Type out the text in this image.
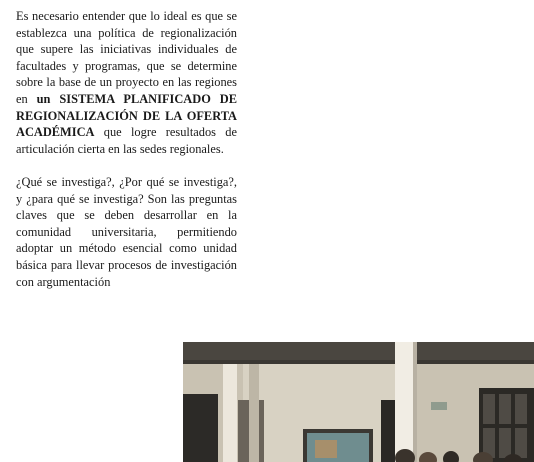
Es necesario entender que lo ideal es que se establezca una política de regionalización que supere las iniciativas individuales de facultades y programas, que se determine sobre la base de un proyecto en las regiones en un SISTEMA PLANIFICADO DE REGIONALIZACIÓN DE LA OFERTA ACADÉMICA que logre resultados de articulación cierta en las sedes regionales.

¿Qué se investiga?, ¿Por qué se investiga?, y ¿para qué se investiga? Son las preguntas claves que se deben desarrollar en la comunidad universitaria, permitiendo adoptar un método esencial como unidad básica para llevar procesos de investigación con argumentación
